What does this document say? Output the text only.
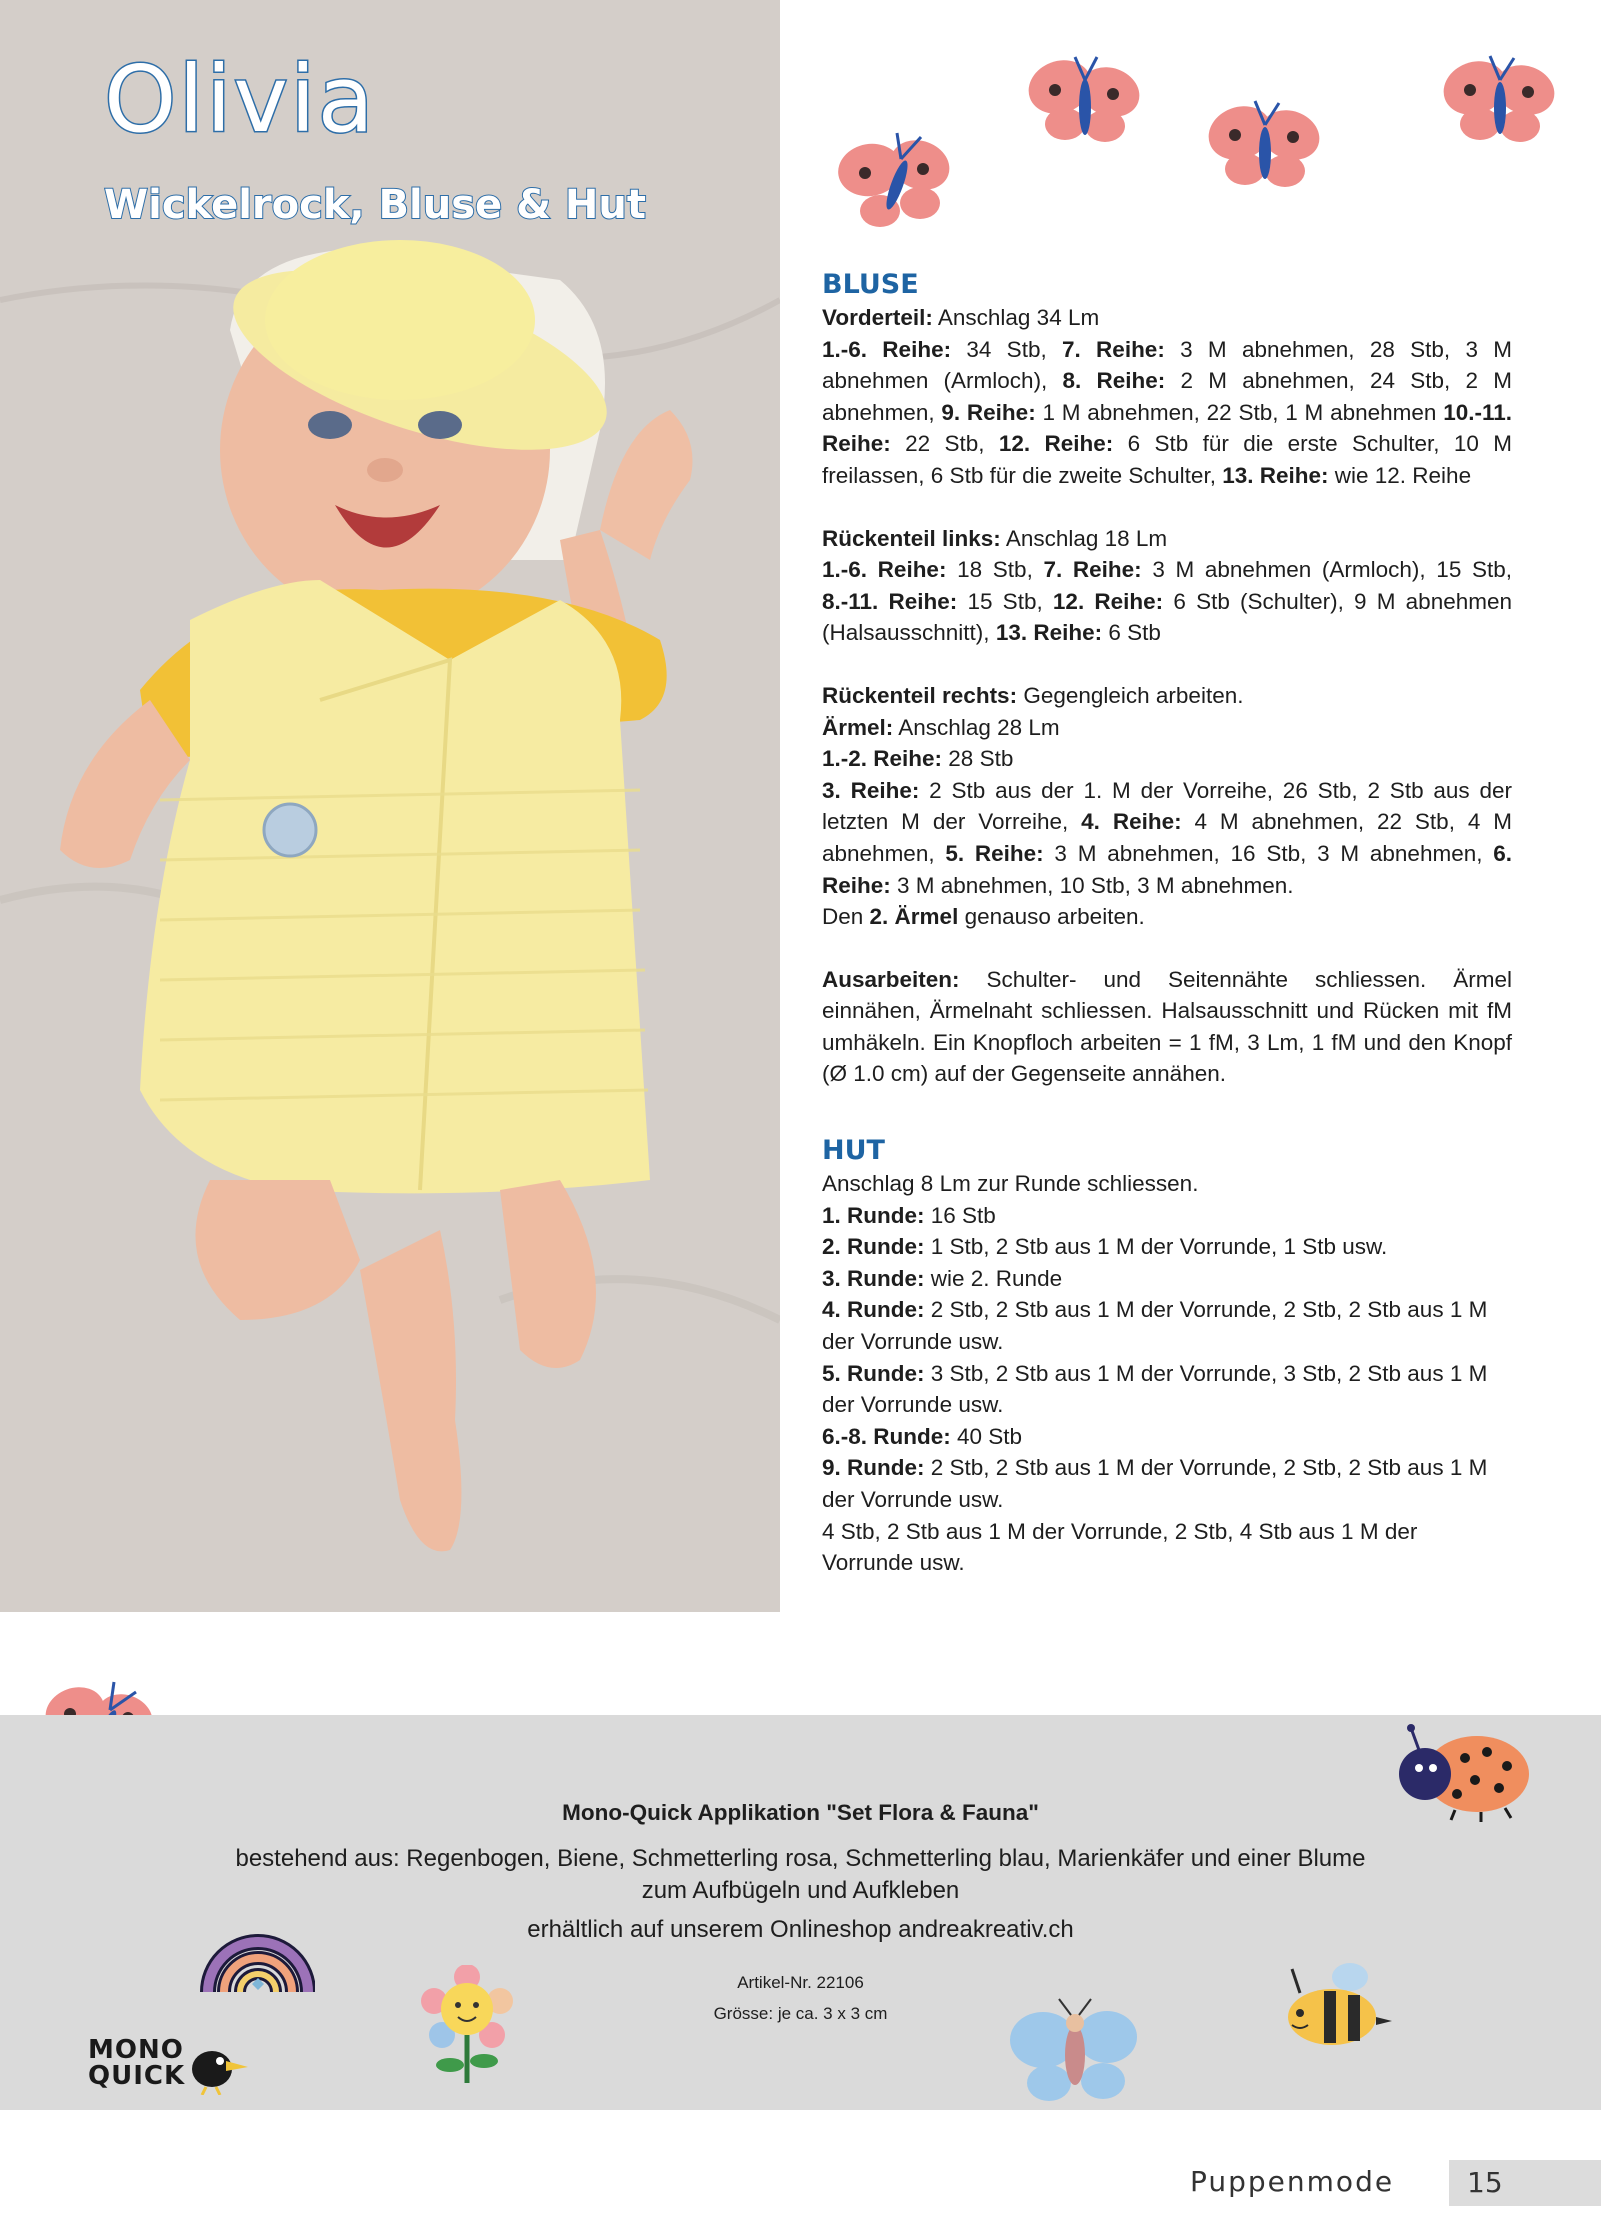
Olivia
Wickelrock, Bluse & Hut
BLUSE

Vorderteil: Anschlag 34 Lm
1.-6. Reihe: 34 Stb, 7. Reihe: 3 M abnehmen, 28 Stb, 3 M abnehmen (Armloch), 8. Reihe: 2 M abnehmen, 24 Stb, 2 M abnehmen, 9. Reihe: 1 M abnehmen, 22 Stb, 1 M abnehmen 10.-11. Reihe: 22 Stb, 12. Reihe: 6 Stb für die erste Schulter, 10 M freilassen, 6 Stb für die zweite Schulter, 13. Reihe: wie 12. Reihe

Rückenteil links: Anschlag 18 Lm
1.-6. Reihe: 18 Stb, 7. Reihe: 3 M abnehmen (Armloch), 15 Stb, 8.-11. Reihe: 15 Stb, 12. Reihe: 6 Stb (Schulter), 9 M abnehmen (Halsausschnitt), 13. Reihe: 6 Stb

Rückenteil rechts: Gegengleich arbeiten.
Ärmel: Anschlag 28 Lm
1.-2. Reihe: 28 Stb
3. Reihe: 2 Stb aus der 1. M der Vorreihe, 26 Stb, 2 Stb aus der letzten M der Vorreihe, 4. Reihe: 4 M abnehmen, 22 Stb, 4 M abnehmen, 5. Reihe: 3 M abnehmen, 16 Stb, 3 M abnehmen, 6. Reihe: 3 M abnehmen, 10 Stb, 3 M abnehmen.
Den 2. Ärmel genauso arbeiten.

Ausarbeiten: Schulter- und Seitennähte schliessen. Ärmel einnähen, Ärmelnaht schliessen. Halsausschnitt und Rücken mit fM umhäkeln. Ein Knopfloch arbeiten = 1 fM, 3 Lm, 1 fM und den Knopf (Ø 1.0 cm) auf der Gegenseite annähen.

HUT

Anschlag 8 Lm zur Runde schliessen.

1. Runde: 16 Stb

2. Runde: 1 Stb, 2 Stb aus 1 M der Vorrunde, 1 Stb usw.

3. Runde: wie 2. Runde

4. Runde: 2 Stb, 2 Stb aus 1 M der Vorrunde, 2 Stb, 2 Stb aus 1 M der Vorrunde usw.

5. Runde: 3 Stb, 2 Stb aus 1 M der Vorrunde, 3 Stb, 2 Stb aus 1 M der Vorrunde usw.

6.-8. Runde: 40 Stb

9. Runde: 2 Stb, 2 Stb aus 1 M der Vorrunde, 2 Stb, 2 Stb aus 1 M der Vorrunde usw.

4 Stb, 2 Stb aus 1 M der Vorrunde, 2 Stb, 4 Stb aus 1 M der Vorrunde usw.

Mono-Quick Applikation "Set Flora & Fauna"
bestehend aus: Regenbogen, Biene, Schmetterling rosa, Schmetterling blau, Marienkäfer und einer Blume
zum Aufbügeln und Aufkleben
erhältlich auf unserem Onlineshop andreakreativ.ch
Artikel-Nr. 22106
Grösse: je ca. 3 x 3 cm
MONO
QUICK
Puppenmode	15
